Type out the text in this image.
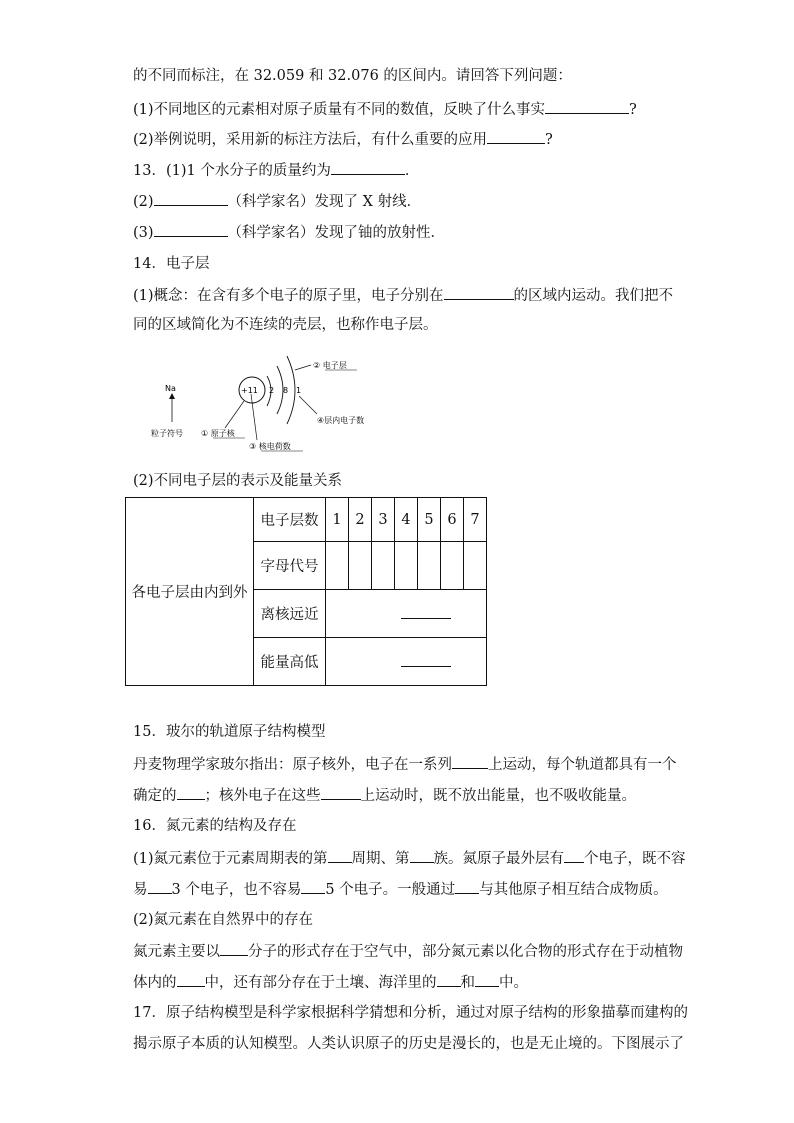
的不同而标注，在 32.059 和 32.076 的区间内。请回答下列问题：
(1)不同地区的元素相对原子质量有不同的数值，反映了什么事实	?
(2)举例说明，采用新的标注方法后，有什么重要的应用	?
13．(1)1 个水分子的质量约为	．
(2)	（科学家名）发现了 X 射线．
(3)	（科学家名）发现了铀的放射性．
14．电子层
(1)概念：在含有多个电子的原子里，电子分别在	的区域内运动。我们把不
同的区域简化为不连续的壳层，也称作电子层。
Na
粒子符号
+11 2 8 1
② 电子层
① 原子核
③ 核电荷数
④层内电子数
(2)不同电子层的表示及能量关系
各电子层由内到外	电子层数	1	2	3	4	5	6	7
	字母代号							
	离核远近							
	能量高低							
15．玻尔的轨道原子结构模型
丹麦物理学家玻尔指出：原子核外，电子在一系列 上运动，每个轨道都具有一个
确定的 ；核外电子在这些	上运动时，既不放出能量，也不吸收能量。
16．氮元素的结构及存在
(1)氮元素位于元素周期表的第 周期、第 族。氮原子最外层有 个电子，既不容
易 3 个电子，也不容易 5 个电子。一般通过 与其他原子相互结合成物质。
(2)氮元素在自然界中的存在
氮元素主要以 分子的形式存在于空气中，部分氮元素以化合物的形式存在于动植物
体内的 中，还有部分存在于土壤、海洋里的 和 中。
17．原子结构模型是科学家根据科学猜想和分析，通过对原子结构的形象描摹而建构的
揭示原子本质的认知模型。人类认识原子的历史是漫长的，也是无止境的。下图展示了
